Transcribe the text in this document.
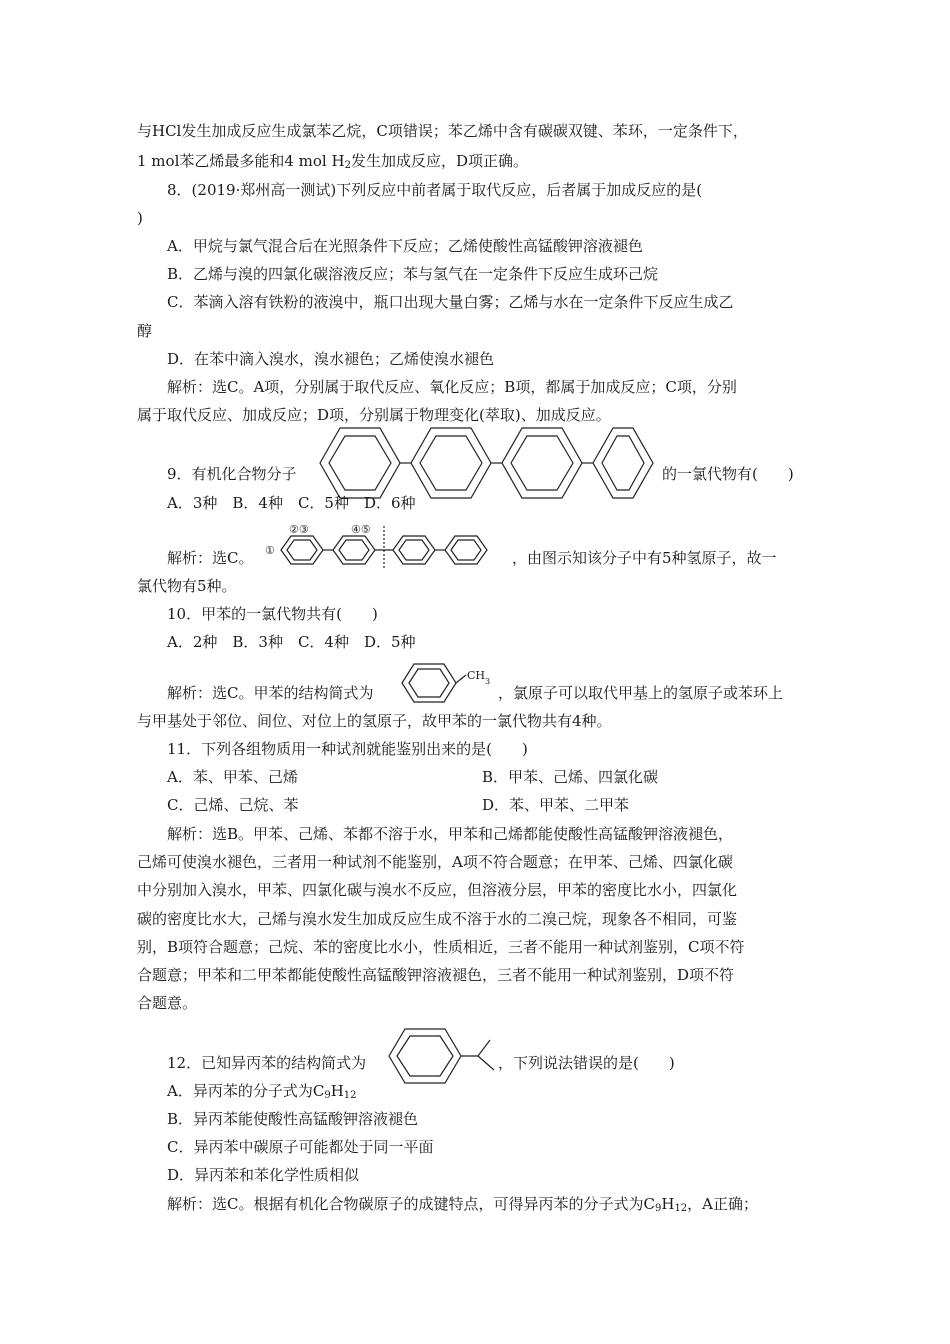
与HCl发生加成反应生成氯苯乙烷，C项错误；苯乙烯中含有碳碳双键、苯环，一定条件下，
1 mol苯乙烯最多能和4 mol $H_2$发生加成反应，D项正确。
8．(2019·郑州高一测试)下列反应中前者属于取代反应，后者属于加成反应的是(
)
A．甲烷与氯气混合后在光照条件下反应；乙烯使酸性高锰酸钾溶液褪色
B．乙烯与溴的四氯化碳溶液反应；苯与氢气在一定条件下反应生成环己烷
C．苯滴入溶有铁粉的液溴中，瓶口出现大量白雾；乙烯与水在一定条件下反应生成乙
醇
D．在苯中滴入溴水，溴水褪色；乙烯使溴水褪色
解析：选C。A项，分别属于取代反应、氧化反应；B项，都属于加成反应；C项，分别
属于取代反应、加成反应；D项，分别属于物理变化(萃取)、加成反应。
9．有机化合物分子	的一氯代物有(　　)
A．3种　B．4种　C．5种　D．6种
解析：选C。 ①
②③	④⑤
，由图示知该分子中有5种氢原子，故一
氯代物有5种。
10．甲苯的一氯代物共有(　　)
A．2种　B．3种　C．4种　D．5种
解析：选C。甲苯的结构简式为
$CH_3$
，氯原子可以取代甲基上的氢原子或苯环上
与甲基处于邻位、间位、对位上的氢原子，故甲苯的一氯代物共有4种。
11．下列各组物质用一种试剂就能鉴别出来的是(　　)
A．苯、甲苯、己烯	B．甲苯、己烯、四氯化碳
C．己烯、己烷、苯	D．苯、甲苯、二甲苯
解析：选B。甲苯、己烯、苯都不溶于水，甲苯和己烯都能使酸性高锰酸钾溶液褪色，
己烯可使溴水褪色，三者用一种试剂不能鉴别，A项不符合题意；在甲苯、己烯、四氯化碳
中分别加入溴水，甲苯、四氯化碳与溴水不反应，但溶液分层，甲苯的密度比水小，四氯化
碳的密度比水大，己烯与溴水发生加成反应生成不溶于水的二溴己烷，现象各不相同，可鉴
别，B项符合题意；己烷、苯的密度比水小，性质相近，三者不能用一种试剂鉴别，C项不符
合题意；甲苯和二甲苯都能使酸性高锰酸钾溶液褪色，三者不能用一种试剂鉴别，D项不符
合题意。
12．已知异丙苯的结构简式为	，下列说法错误的是(　　)
A．异丙苯的分子式为$C_9H_{12}$
B．异丙苯能使酸性高锰酸钾溶液褪色
C．异丙苯中碳原子可能都处于同一平面
D．异丙苯和苯化学性质相似
解析：选C。根据有机化合物碳原子的成键特点，可得异丙苯的分子式为$C_9H_{12}$，A正确；
